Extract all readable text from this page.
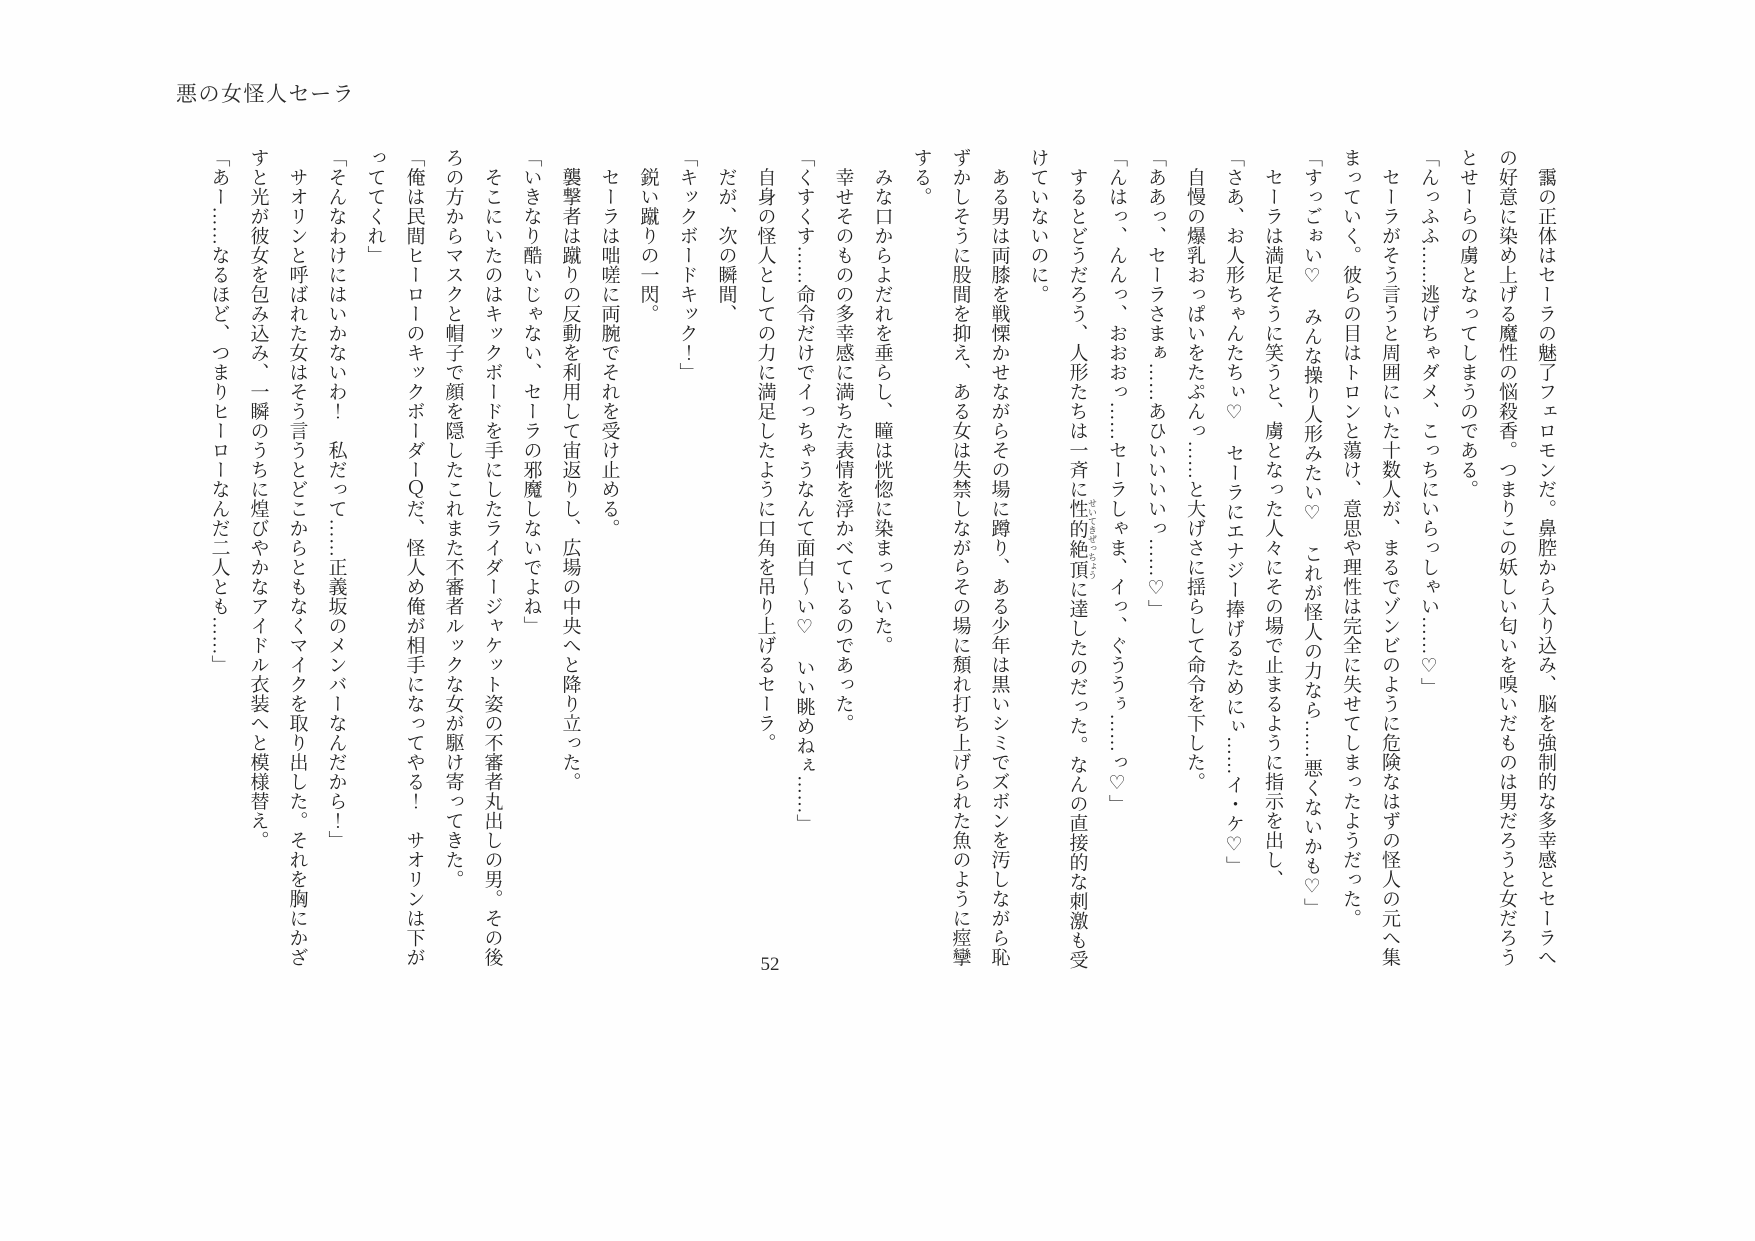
悪の女怪人セーラ

　靄の正体はセーラの魅了フェロモンだ。鼻腔から入り込み、脳を強制的な多幸感とセーラへの好意に染め上げる魔性の悩殺香。つまりこの妖しい匂いを嗅いだものは男だろうと女だろうとせーらの虜となってしまうのである。

「んっふふ……逃げちゃダメ、こっちにいらっしゃい……♡」

　セーラがそう言うと周囲にいた十数人が、まるでゾンビのように危険なはずの怪人の元へ集まっていく。彼らの目はトロンと蕩け、意思や理性は完全に失せてしまったようだった。

「すっごぉい♡　みんな操り人形みたい♡　これが怪人の力なら……悪くないかも♡」

　セーラは満足そうに笑うと、虜となった人々にその場で止まるように指示を出し、

「さあ、お人形ちゃんたちぃ♡　セーラにエナジー捧げるためにぃ……イ・ケ♡」

　自慢の爆乳おっぱいをたぷんっ……と大げさに揺らして命令を下した。

「ああっ、セーラさまぁ……あひいいいいっ……♡」

「んはっ、んんっ、おおおっ……セーラしゃま、イっ、ぐううぅ……っ♡」

　するとどうだろう、人形たちは一斉に性的絶頂 せいてきぜっちょうに達したのだった。なんの直接的な刺激も受けていないのに。

　ある男は両膝を戦慄かせながらその場に蹲り、ある少年は黒いシミでズボンを汚しながら恥ずかしそうに股間を抑え、ある女は失禁しながらその場に頽れ打ち上げられた魚のように痙攣する。

　みな口からよだれを垂らし、瞳は恍惚に染まっていた。

　幸せそのものの多幸感に満ちた表情を浮かべているのであった。

「くすくす……命令だけでイっちゃうなんて面白〜い♡　いい眺めねぇ……」

　自身の怪人としての力に満足したように口角を吊り上げるセーラ。

　だが、次の瞬間、

「キックボードキック！」

　鋭い蹴りの一閃。

　セーラは咄嗟に両腕でそれを受け止める。

　襲撃者は蹴りの反動を利用して宙返りし、広場の中央へと降り立った。

「いきなり酷いじゃない、セーラの邪魔しないでよね」

　そこにいたのはキックボードを手にしたライダージャケット姿の不審者丸出しの男。その後ろの方からマスクと帽子で顔を隠したこれまた不審者ルックな女が駆け寄ってきた。

「俺は民間ヒーローのキックボーダーＱだ、怪人め俺が相手になってやる！　サオリンは下がっててくれ」

「そんなわけにはいかないわ！　私だって……正義坂のメンバーなんだから！」

　サオリンと呼ばれた女はそう言うとどこからともなくマイクを取り出した。それを胸にかざすと光が彼女を包み込み、一瞬のうちに煌びやかなアイドル衣装へと模様替え。

「あー……なるほど、つまりヒーローなんだ二人とも……」

52
